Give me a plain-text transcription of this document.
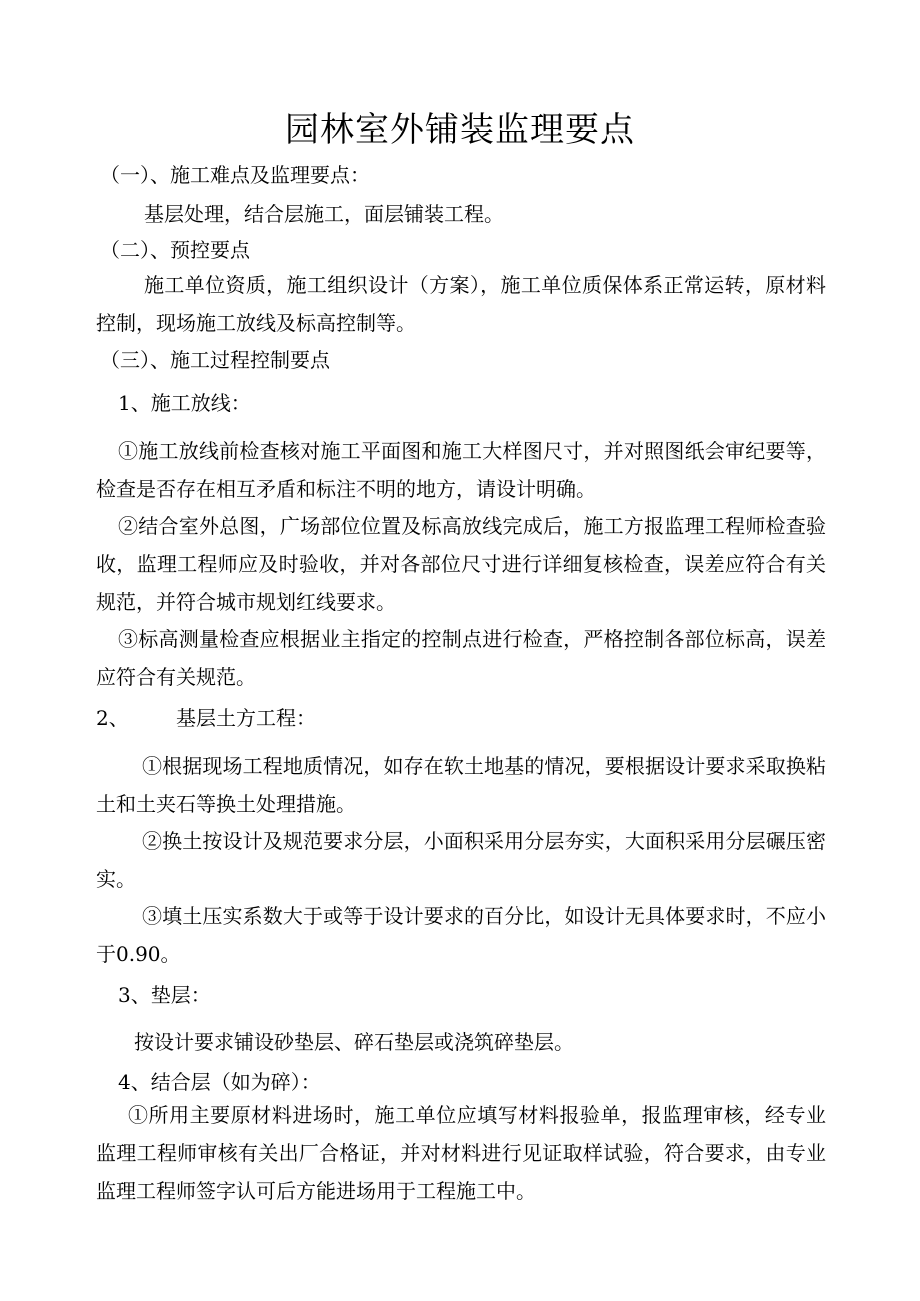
园林室外铺装监理要点
（一）、施工难点及监理要点：
基层处理，结合层施工，面层铺装工程。
（二）、预控要点
施工单位资质，施工组织设计（方案），施工单位质保体系正常运转，原材料控制，现场施工放线及标高控制等。
（三）、施工过程控制要点
1、施工放线：
①施工放线前检查核对施工平面图和施工大样图尺寸，并对照图纸会审纪要等，检查是否存在相互矛盾和标注不明的地方，请设计明确。
②结合室外总图，广场部位位置及标高放线完成后，施工方报监理工程师检查验收，监理工程师应及时验收，并对各部位尺寸进行详细复核检查，误差应符合有关规范，并符合城市规划红线要求。
③标高测量检查应根据业主指定的控制点进行检查，严格控制各部位标高，误差应符合有关规范。
2、 基层土方工程：
①根据现场工程地质情况，如存在软土地基的情况，要根据设计要求采取换粘土和土夹石等换土处理措施。
②换土按设计及规范要求分层，小面积采用分层夯实，大面积采用分层碾压密实。
③填土压实系数大于或等于设计要求的百分比，如设计无具体要求时，不应小于0.90。
3、垫层：
按设计要求铺设砂垫层、碎石垫层或浇筑碎垫层。
4、结合层（如为碎）：
①所用主要原材料进场时，施工单位应填写材料报验单，报监理审核，经专业监理工程师审核有关出厂合格证，并对材料进行见证取样试验，符合要求，由专业监理工程师签字认可后方能进场用于工程施工中。
